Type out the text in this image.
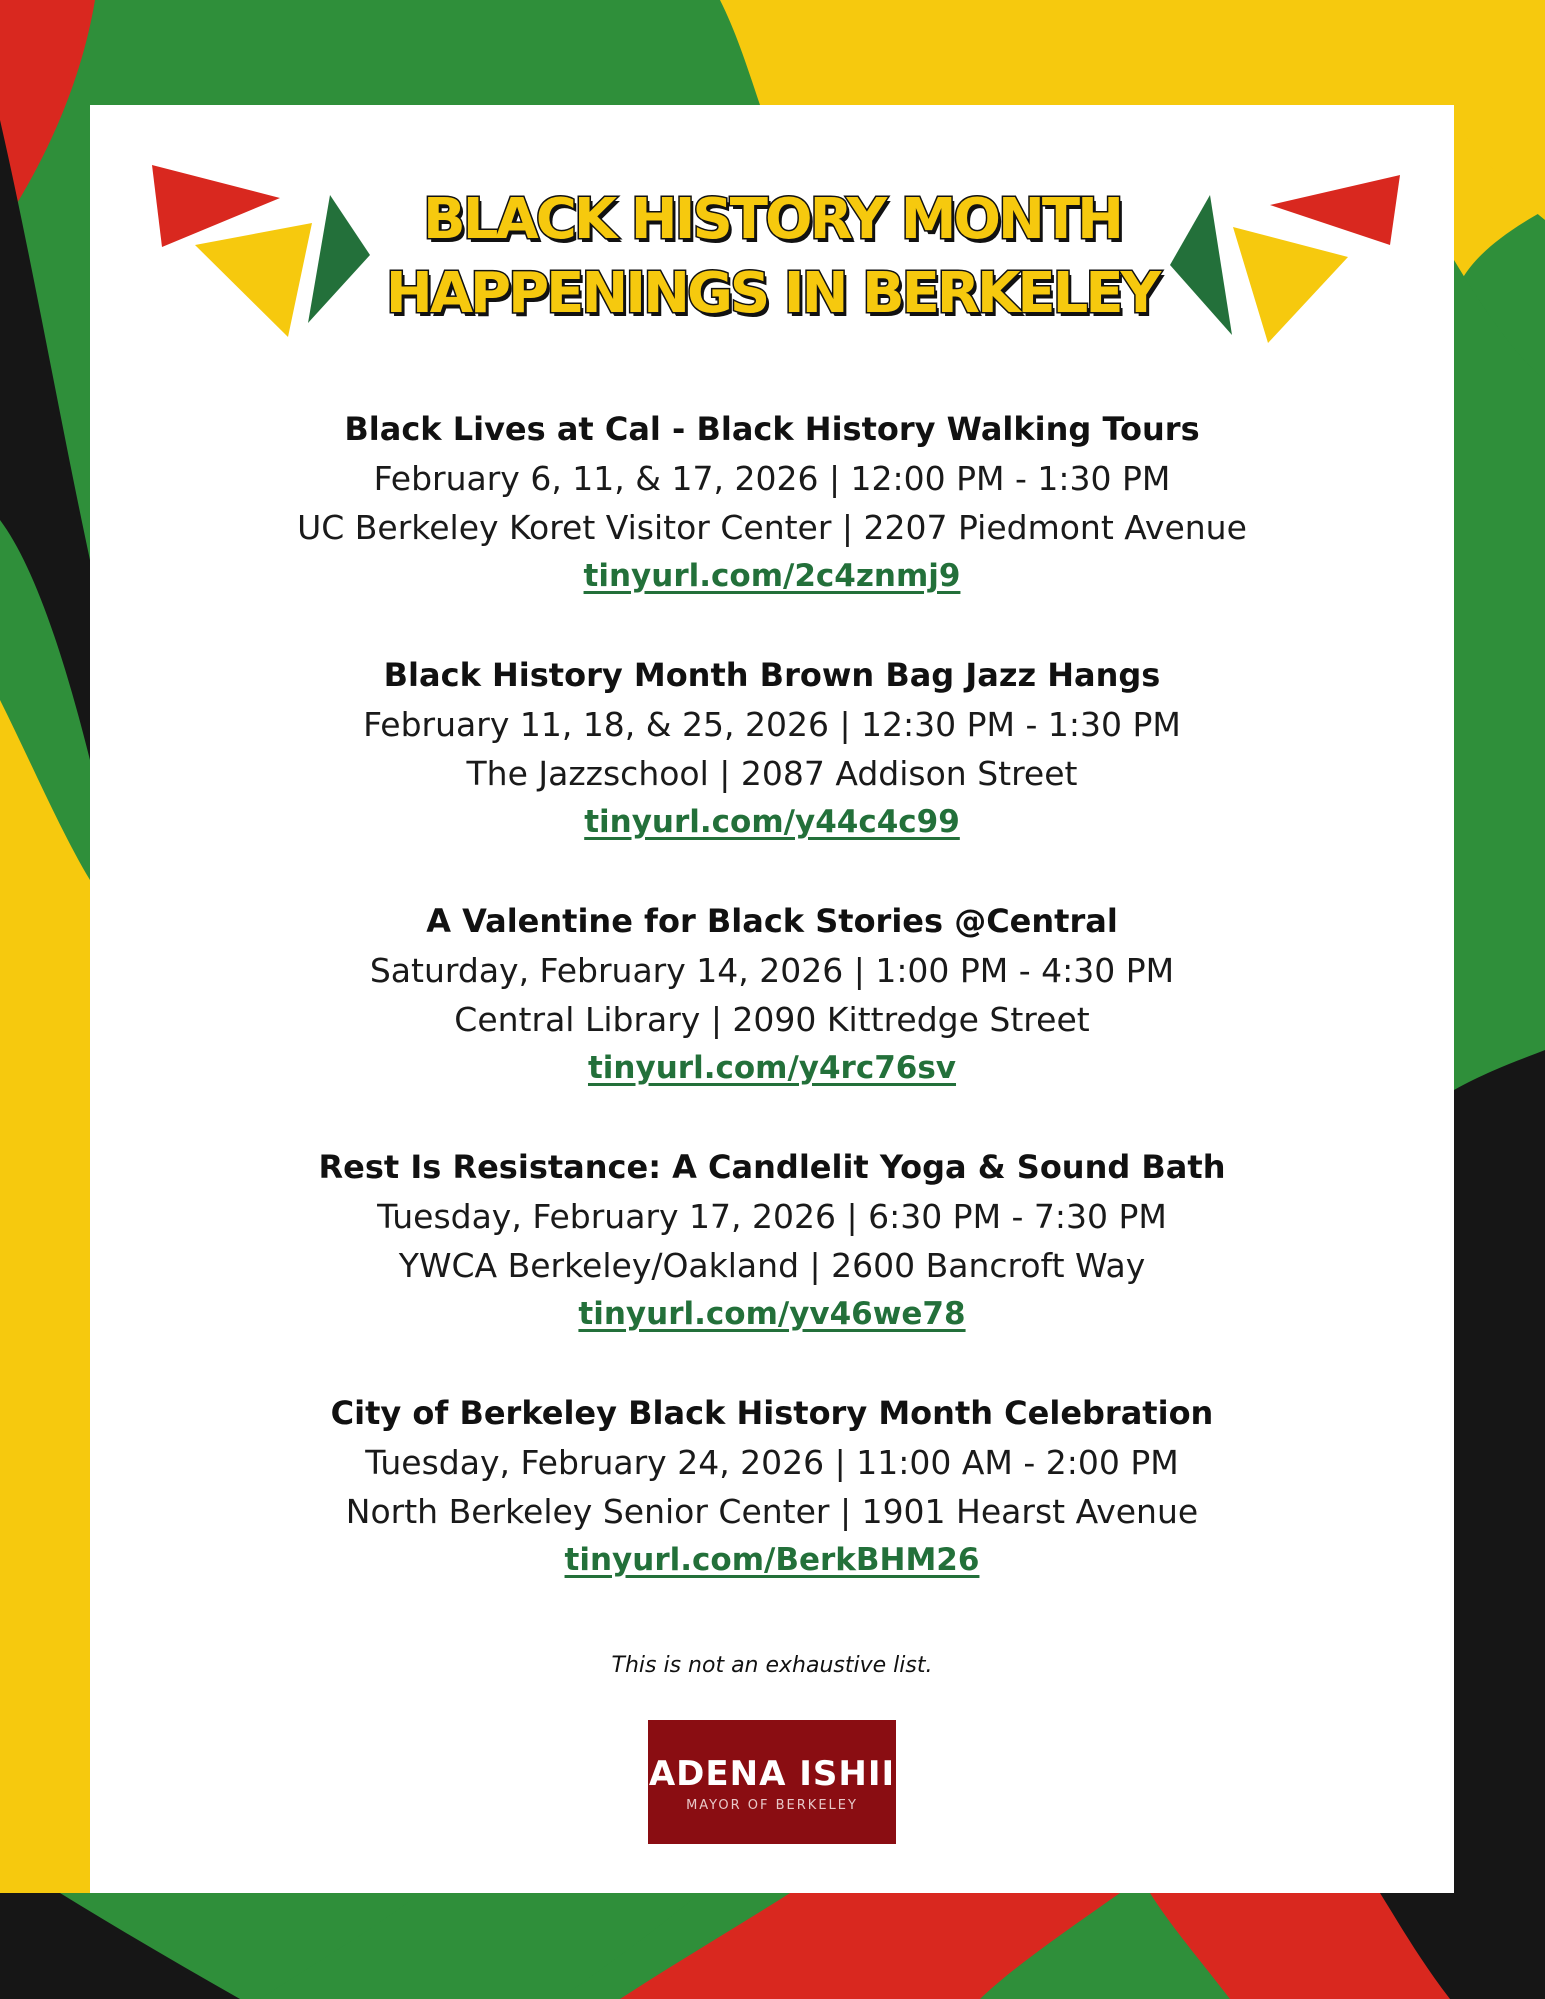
BLACK HISTORY MONTH
HAPPENINGS IN BERKELEY
Black Lives at Cal - Black History Walking Tours
February 6, 11, & 17, 2026 | 12:00 PM - 1:30 PM
UC Berkeley Koret Visitor Center | 2207 Piedmont Avenue
tinyurl.com/2c4znmj9
Black History Month Brown Bag Jazz Hangs
February 11, 18, & 25, 2026 | 12:30 PM - 1:30 PM
The Jazzschool | 2087 Addison Street
tinyurl.com/y44c4c99
A Valentine for Black Stories @Central
Saturday, February 14, 2026 | 1:00 PM - 4:30 PM
Central Library | 2090 Kittredge Street
tinyurl.com/y4rc76sv
Rest Is Resistance: A Candlelit Yoga & Sound Bath
Tuesday, February 17, 2026 | 6:30 PM - 7:30 PM
YWCA Berkeley/Oakland | 2600 Bancroft Way
tinyurl.com/yv46we78
City of Berkeley Black History Month Celebration
Tuesday, February 24, 2026 | 11:00 AM - 2:00 PM
North Berkeley Senior Center | 1901 Hearst Avenue
tinyurl.com/BerkBHM26
This is not an exhaustive list.
ADENA ISHII
MAYOR OF BERKELEY
